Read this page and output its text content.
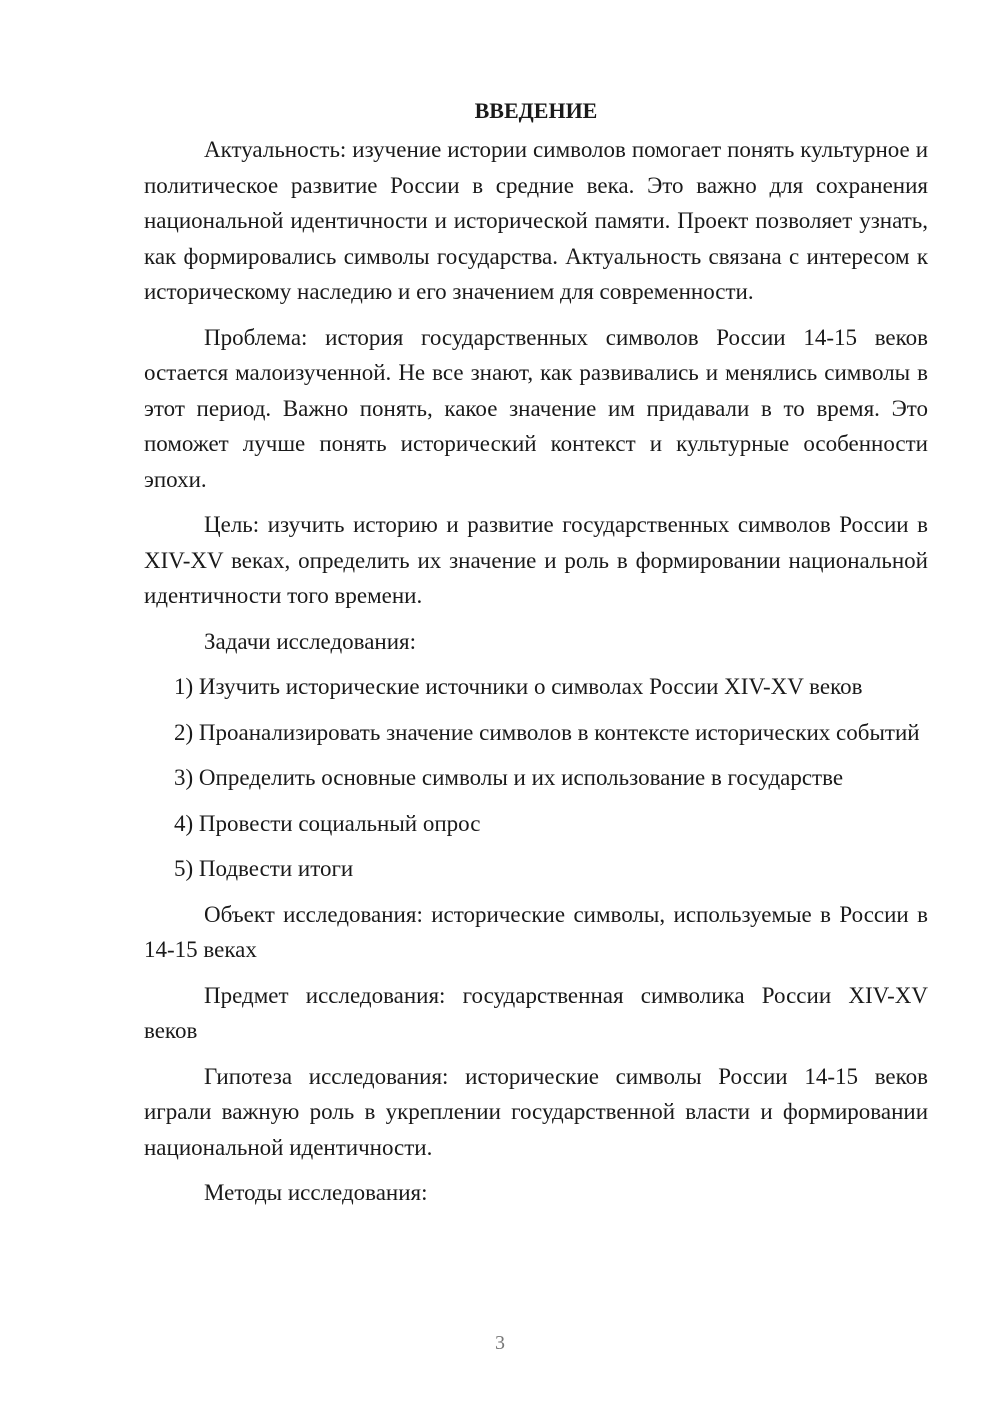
ВВЕДЕНИЕ

Актуальность: изучение истории символов помогает понять культурное и политическое развитие России в средние века. Это важно для сохранения национальной идентичности и исторической памяти. Проект позволяет узнать, как формировались символы государства. Актуальность связана с интересом к историческому наследию и его значением для современности.

Проблема: история государственных символов России 14-15 веков остается малоизученной. Не все знают, как развивались и менялись символы в этот период. Важно понять, какое значение им придавали в то время. Это поможет лучше понять исторический контекст и культурные особенности эпохи.

Цель: изучить историю и развитие государственных символов России в XIV-XV веках, определить их значение и роль в формировании национальной идентичности того времени.

Задачи исследования:

1) Изучить исторические источники о символах России XIV-XV веков

2) Проанализировать значение символов в контексте исторических событий

3) Определить основные символы и их использование в государстве

4) Провести социальный опрос

5) Подвести итоги

Объект исследования: исторические символы, используемые в России в 14-15 веках

Предмет исследования: государственная символика России XIV-XV веков

Гипотеза исследования: исторические символы России 14-15 веков играли важную роль в укреплении государственной власти и формировании национальной идентичности.

Методы исследования:

3
